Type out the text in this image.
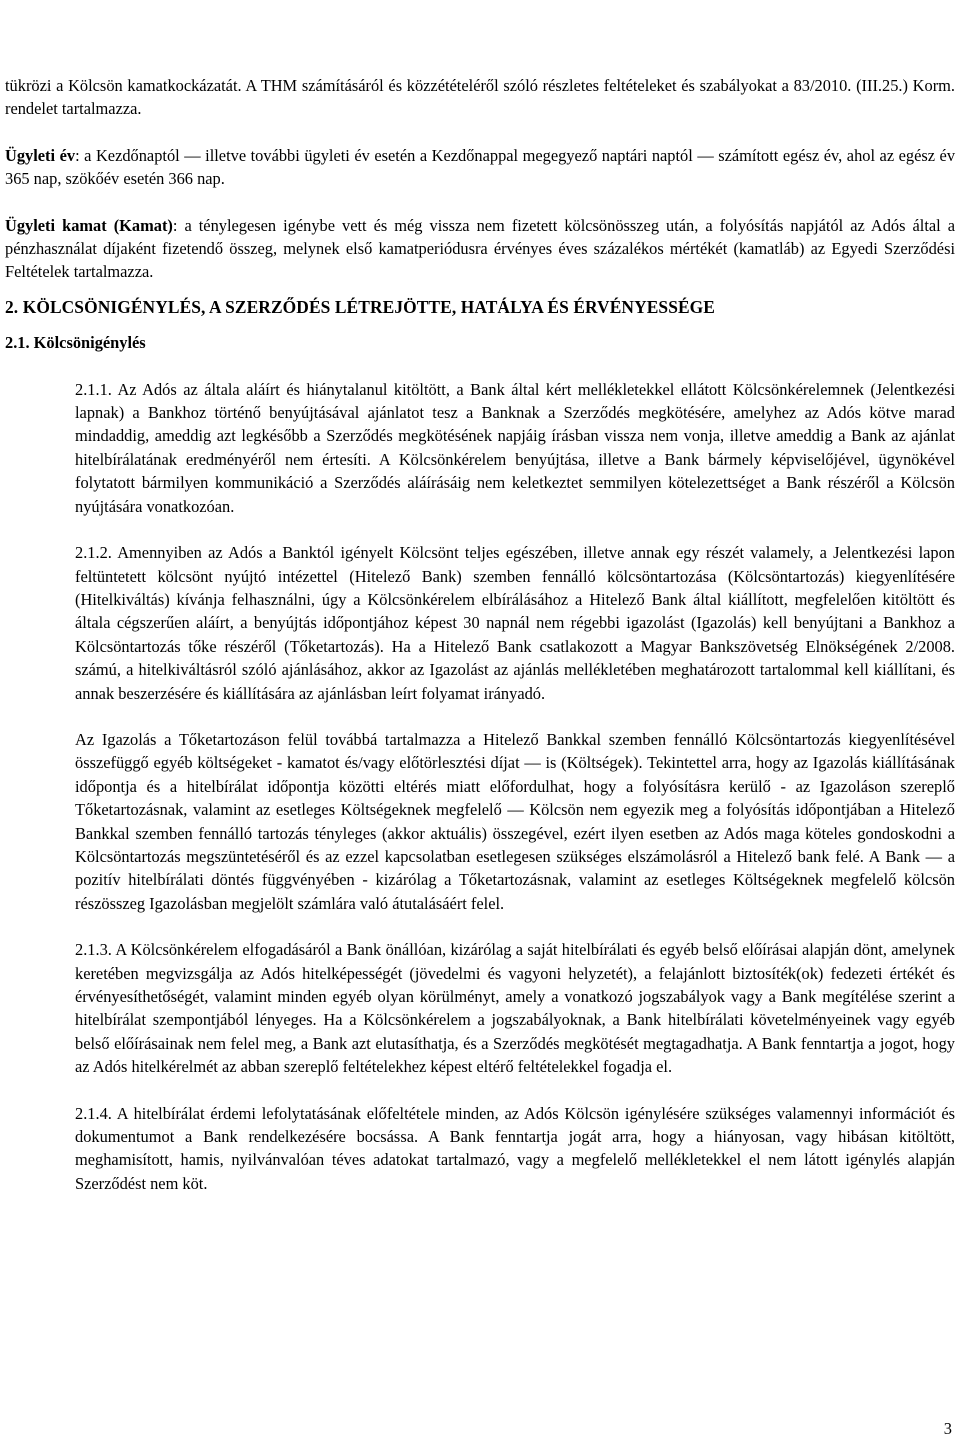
tükrözi a Kölcsön kamatkockázatát. A THM számításáról és közzétételéről szóló részletes feltételeket és szabályokat a 83/2010. (III.25.) Korm. rendelet tartalmazza.

Ügyleti év: a Kezdőnaptól ― illetve további ügyleti év esetén a Kezdőnappal megegyező naptári naptól ― számított egész év, ahol az egész év 365 nap, szökőév esetén 366 nap.

Ügyleti kamat (Kamat): a ténylegesen igénybe vett és még vissza nem fizetett kölcsönösszeg után, a folyósítás napjától az Adós által a pénzhasználat díjaként fizetendő összeg, melynek első kamatperiódusra érvényes éves százalékos mértékét (kamatláb) az Egyedi Szerződési Feltételek tartalmazza.

2. KÖLCSÖNIGÉNYLÉS, A SZERZŐDÉS LÉTREJÖTTE, HATÁLYA ÉS ÉRVÉNYESSÉGE

2.1. Kölcsönigénylés

2.1.1. Az Adós az általa aláírt és hiánytalanul kitöltött, a Bank által kért mellékletekkel ellátott Kölcsönkérelemnek (Jelentkezési lapnak) a Bankhoz történő benyújtásával ajánlatot tesz a Banknak a Szerződés megkötésére, amelyhez az Adós kötve marad mindaddig, ameddig azt legkésőbb a Szerződés megkötésének napjáig írásban vissza nem vonja, illetve ameddig a Bank az ajánlat hitelbírálatának eredményéről nem értesíti. A Kölcsönkérelem benyújtása, illetve a Bank bármely képviselőjével, ügynökével folytatott bármilyen kommunikáció a Szerződés aláírásáig nem keletkeztet semmilyen kötelezettséget a Bank részéről a Kölcsön nyújtására vonatkozóan.

2.1.2. Amennyiben az Adós a Banktól igényelt Kölcsönt teljes egészében, illetve annak egy részét valamely, a Jelentkezési lapon feltüntetett kölcsönt nyújtó intézettel (Hitelező Bank) szemben fennálló kölcsöntartozása (Kölcsöntartozás) kiegyenlítésére (Hitelkiváltás) kívánja felhasználni, úgy a Kölcsönkérelem elbírálásához a Hitelező Bank által kiállított, megfelelően kitöltött és általa cégszerűen aláírt, a benyújtás időpontjához képest 30 napnál nem régebbi igazolást (Igazolás) kell benyújtani a Bankhoz a Kölcsöntartozás tőke részéről (Tőketartozás). Ha a Hitelező Bank csatlakozott a Magyar Bankszövetség Elnökségének 2/2008. számú, a hitelkiváltásról szóló ajánlásához, akkor az Igazolást az ajánlás mellékletében meghatározott tartalommal kell kiállítani, és annak beszerzésére és kiállítására az ajánlásban leírt folyamat irányadó.

Az Igazolás a Tőketartozáson felül továbbá tartalmazza a Hitelező Bankkal szemben fennálló Kölcsöntartozás kiegyenlítésével összefüggő egyéb költségeket - kamatot és/vagy előtörlesztési díjat ― is (Költségek). Tekintettel arra, hogy az Igazolás kiállításának időpontja és a hitelbírálat időpontja közötti eltérés miatt előfordulhat, hogy a folyósításra kerülő - az Igazoláson szereplő Tőketartozásnak, valamint az esetleges Költségeknek megfelelő ― Kölcsön nem egyezik meg a folyósítás időpontjában a Hitelező Bankkal szemben fennálló tartozás tényleges (akkor aktuális) összegével, ezért ilyen esetben az Adós maga köteles gondoskodni a Kölcsöntartozás megszüntetéséről és az ezzel kapcsolatban esetlegesen szükséges elszámolásról a Hitelező bank felé. A Bank ― a pozitív hitelbírálati döntés függvényében - kizárólag a Tőketartozásnak, valamint az esetleges Költségeknek megfelelő kölcsön részösszeg Igazolásban megjelölt számlára való átutalásáért felel.

2.1.3. A Kölcsönkérelem elfogadásáról a Bank önállóan, kizárólag a saját hitelbírálati és egyéb belső előírásai alapján dönt, amelynek keretében megvizsgálja az Adós hitelképességét (jövedelmi és vagyoni helyzetét), a felajánlott biztosíték(ok) fedezeti értékét és érvényesíthetőségét, valamint minden egyéb olyan körülményt, amely a vonatkozó jogszabályok vagy a Bank megítélése szerint a hitelbírálat szempontjából lényeges. Ha a Kölcsönkérelem a jogszabályoknak, a Bank hitelbírálati követelményeinek vagy egyéb belső előírásainak nem felel meg, a Bank azt elutasíthatja, és a Szerződés megkötését megtagadhatja. A Bank fenntartja a jogot, hogy az Adós hitelkérelmét az abban szereplő feltételekhez képest eltérő feltételekkel fogadja el.

2.1.4. A hitelbírálat érdemi lefolytatásának előfeltétele minden, az Adós Kölcsön igénylésére szükséges valamennyi információt és dokumentumot a Bank rendelkezésére bocsássa. A Bank fenntartja jogát arra, hogy a hiányosan, vagy hibásan kitöltött, meghamisított, hamis, nyilvánvalóan téves adatokat tartalmazó, vagy a megfelelő mellékletekkel el nem látott igénylés alapján Szerződést nem köt.

3
